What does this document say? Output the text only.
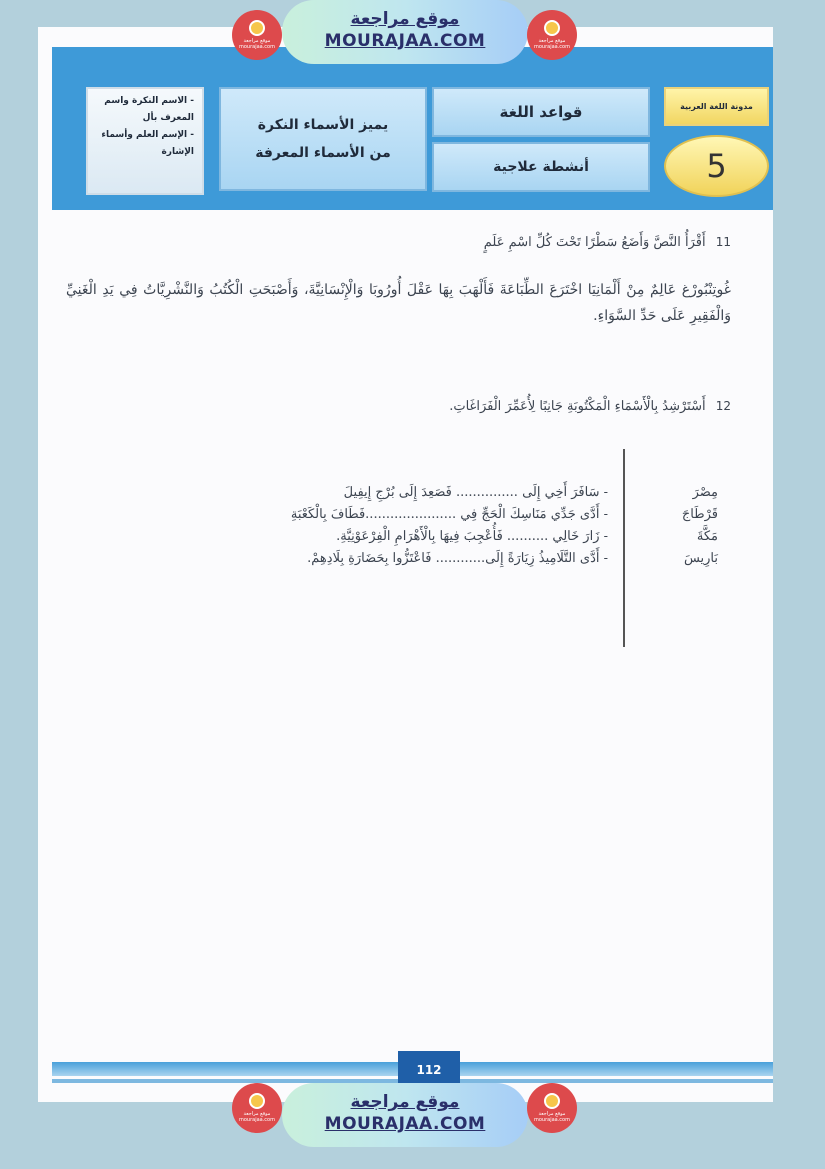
موقع مراجعة
mourajaa.com
موقع مراجعة
MOURAJAA.COM	موقع مراجعة
mourajaa.com
موقع مراجعة
mourajaa.com
موقع مراجعة
MOURAJAA.COM	موقع مراجعة
mourajaa.com
- الاسم النكرة واسم المعرف بأل
- الإسم العلم وأسماء الإشارة
يميز الأسماء النكرة
من الأسماء المعرفة
قواعد اللغة
أنشطة علاجية
مدونة اللغة العربية
5
11 أَقْرَأُ النَّصَّ وَأَضَعُ سَطْرًا تَحْتَ كُلِّ اسْمِ عَلَمٍ
غُوتِنْبُورْغ عَالِمٌ مِنْ أَلْمَانِيَا اخْتَرَعَ الطِّبَاعَةَ فَأَلْهَبَ بِهَا عَقْلَ أُورُوبَا وَالْإِنْسَانِيَّةَ، وَأَصْبَحَتِ الْكُتُبُ وَالنَّشْرِيَّاتُ فِي يَدِ الْغَنِيِّ وَالْفَقِيرِ عَلَى حَدِّ السَّوَاءِ.
12 أَسْتَرْشِدُ بِالْأَسْمَاءِ الْمَكْتُوبَةِ جَانِبًا لِأُعَمِّرَ الْفَرَاغَاتِ.
مِصْرَ
قَرْطَاجَ
مَكَّةَ
بَارِيسَ
- سَافَرَ أَخِي إِلَى ............... فَصَعِدَ إِلَى بُرْجِ إِيفِيلَ
- أَدَّى جَدِّي مَنَاسِكَ الْحَجِّ فِي ......................فَطَافَ بِالْكَعْبَةِ
- زَارَ خَالِي .......... فَأُعْجِبَ فِيهَا بِالْأَهْرَامِ الْفِرْعَوْنِيَّةِ.
- أَدَّى التَّلَامِيذُ زِيَارَةً إِلَى............ فَاعْتَزُّوا بِحَضَارَةِ بِلَادِهِمْ.
112
